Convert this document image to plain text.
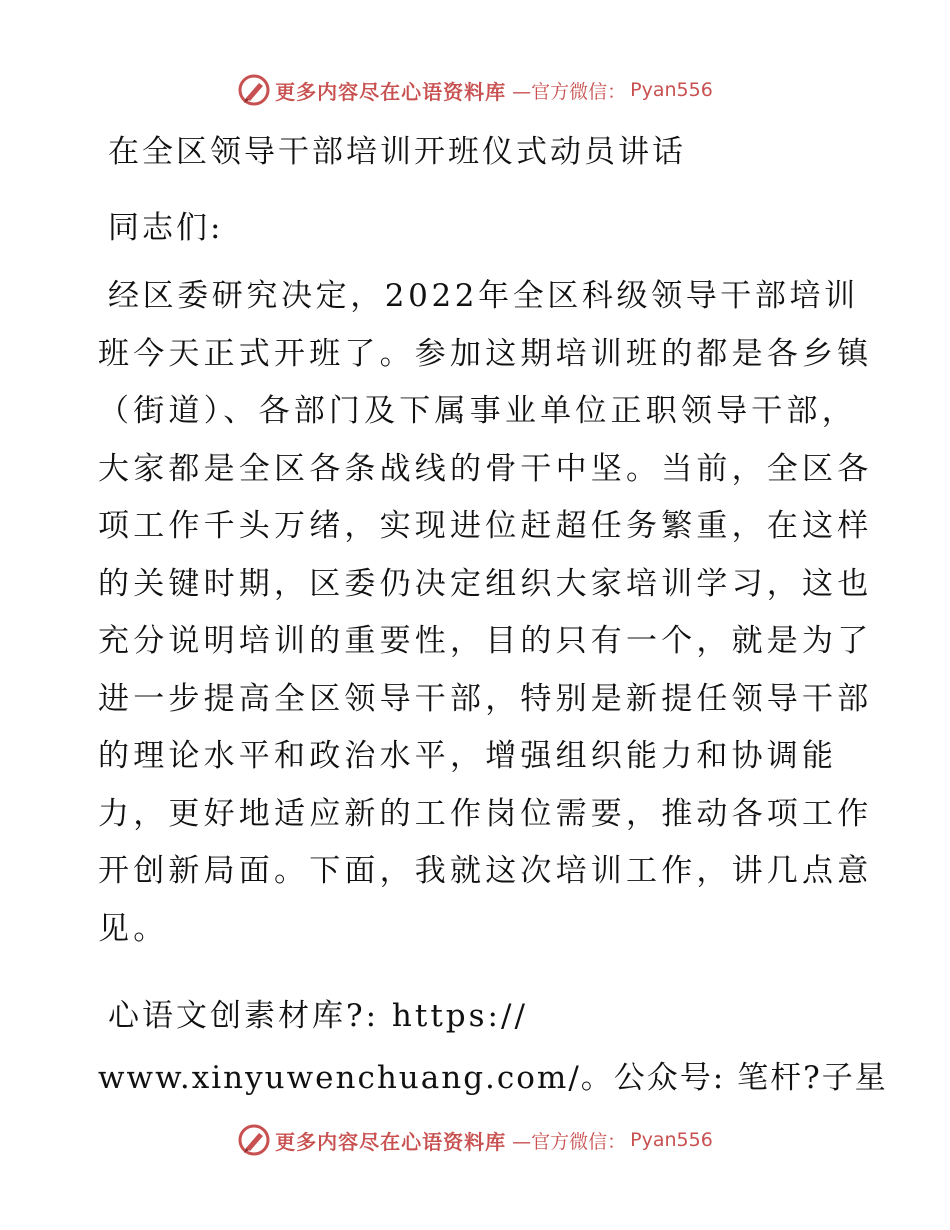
更多内容尽在心语资料库 —官方微信： Pyan556
在全区领导干部培训开班仪式动员讲话
同志们:
经区委研究决定，2022年全区科级领导干部培训
班今天正式开班了。参加这期培训班的都是各乡镇
（街道）、各部门及下属事业单位正职领导干部，
大家都是全区各条战线的骨干中坚。当前，全区各
项工作千头万绪，实现进位赶超任务繁重，在这样
的关键时期，区委仍决定组织大家培训学习，这也
充分说明培训的重要性，目的只有一个，就是为了
进一步提高全区领导干部，特别是新提任领导干部
的理论水平和政治水平，增强组织能力和协调能
力，更好地适应新的工作岗位需要，推动各项工作
开创新局面。下面，我就这次培训工作，讲几点意
见。
心语文创素材库?: https://
www.xinyuwenchuang.com/。公众号: 笔杆?子星
更多内容尽在心语资料库 —官方微信： Pyan556
